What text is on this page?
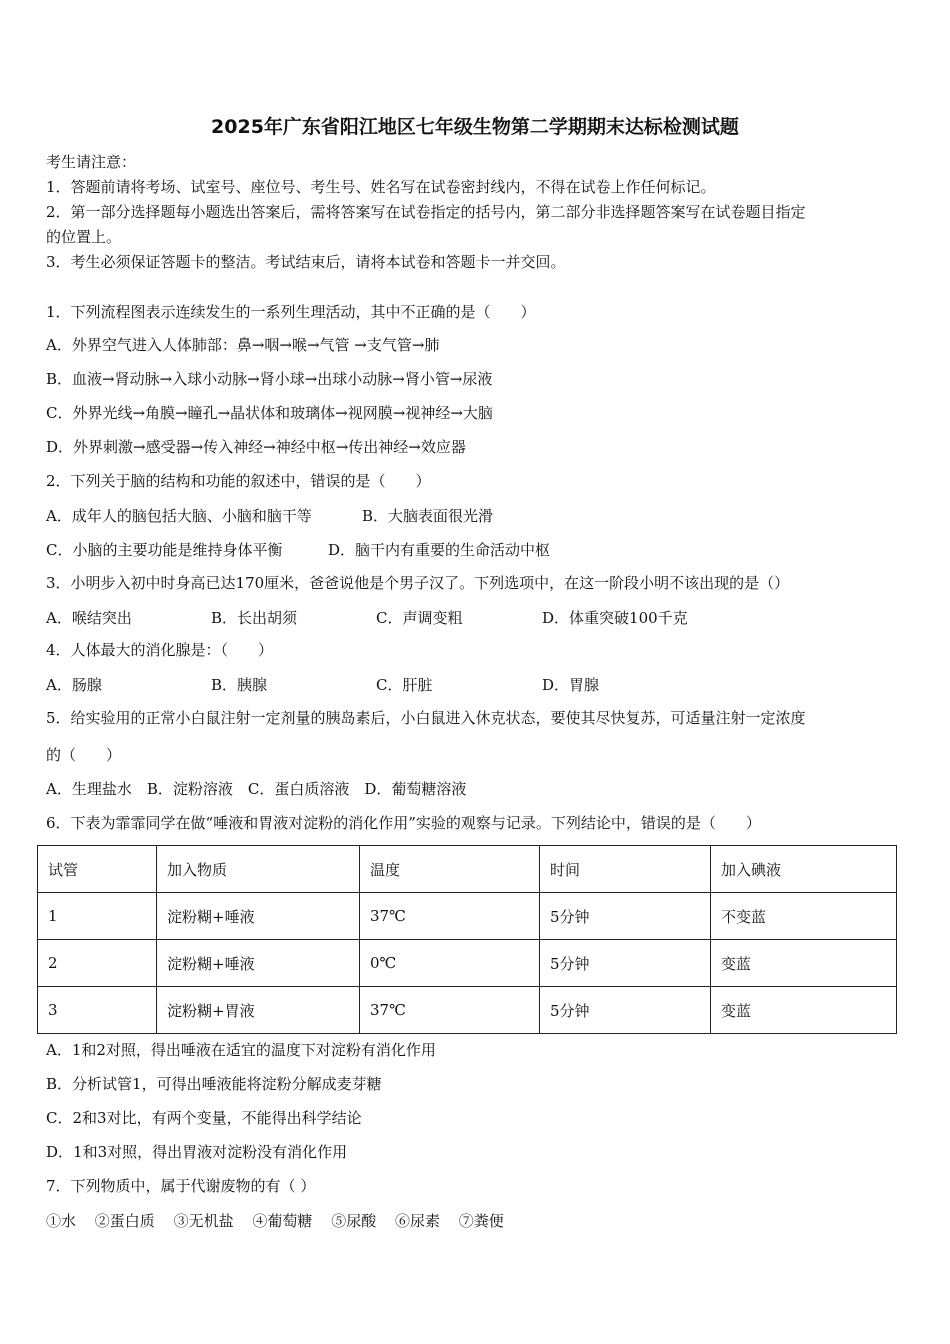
2025年广东省阳江地区七年级生物第二学期期末达标检测试题
考生请注意：
1．答题前请将考场、试室号、座位号、考生号、姓名写在试卷密封线内，不得在试卷上作任何标记。
2．第一部分选择题每小题选出答案后，需将答案写在试卷指定的括号内，第二部分非选择题答案写在试卷题目指定
的位置上。
3．考生必须保证答题卡的整洁。考试结束后，请将本试卷和答题卡一并交回。
1．下列流程图表示连续发生的一系列生理活动，其中不正确的是（　　）
A．外界空气进入人体肺部：鼻→咽→喉→气管 →支气管→肺
B．血液→肾动脉→入球小动脉→肾小球→出球小动脉→肾小管→尿液
C．外界光线→角膜→瞳孔→晶状体和玻璃体→视网膜→视神经→大脑
D．外界刺激→感受器→传入神经→神经中枢→传出神经→效应器
2．下列关于脑的结构和功能的叙述中，错误的是（　　）
A．成年人的脑包括大脑、小脑和脑干等	B．大脑表面很光滑
C．小脑的主要功能是维持身体平衡	D．脑干内有重要的生命活动中枢
3．小明步入初中时身高已达170厘米，爸爸说他是个男子汉了。下列选项中，在这一阶段小明不该出现的是（）
A．喉结突出	B．长出胡须	C．声调变粗	D．体重突破100千克
4．人体最大的消化腺是：（　　）
A．肠腺	B．胰腺	C．肝脏	D．胃腺
5．给实验用的正常小白鼠注射一定剂量的胰岛素后，小白鼠进入休克状态，要使其尽快复苏，可适量注射一定浓度
的（　　）
A．生理盐水　B．淀粉溶液　C．蛋白质溶液　D．葡萄糖溶液
6．下表为霏霏同学在做“唾液和胃液对淀粉的消化作用”实验的观察与记录。下列结论中，错误的是（　　）
试管	加入物质	温度	时间	加入碘液
1	淀粉糊+唾液	37℃	5分钟	不变蓝
2	淀粉糊+唾液	0℃	5分钟	变蓝
3	淀粉糊+胃液	37℃	5分钟	变蓝
A．1和2对照，得出唾液在适宜的温度下对淀粉有消化作用
B．分析试管1，可得出唾液能将淀粉分解成麦芽糖
C．2和3对比，有两个变量，不能得出科学结论
D．1和3对照，得出胃液对淀粉没有消化作用
7．下列物质中，属于代谢废物的有（ ）
①水 ②蛋白质 ③无机盐 ④葡萄糖 ⑤尿酸 ⑥尿素 ⑦粪便
